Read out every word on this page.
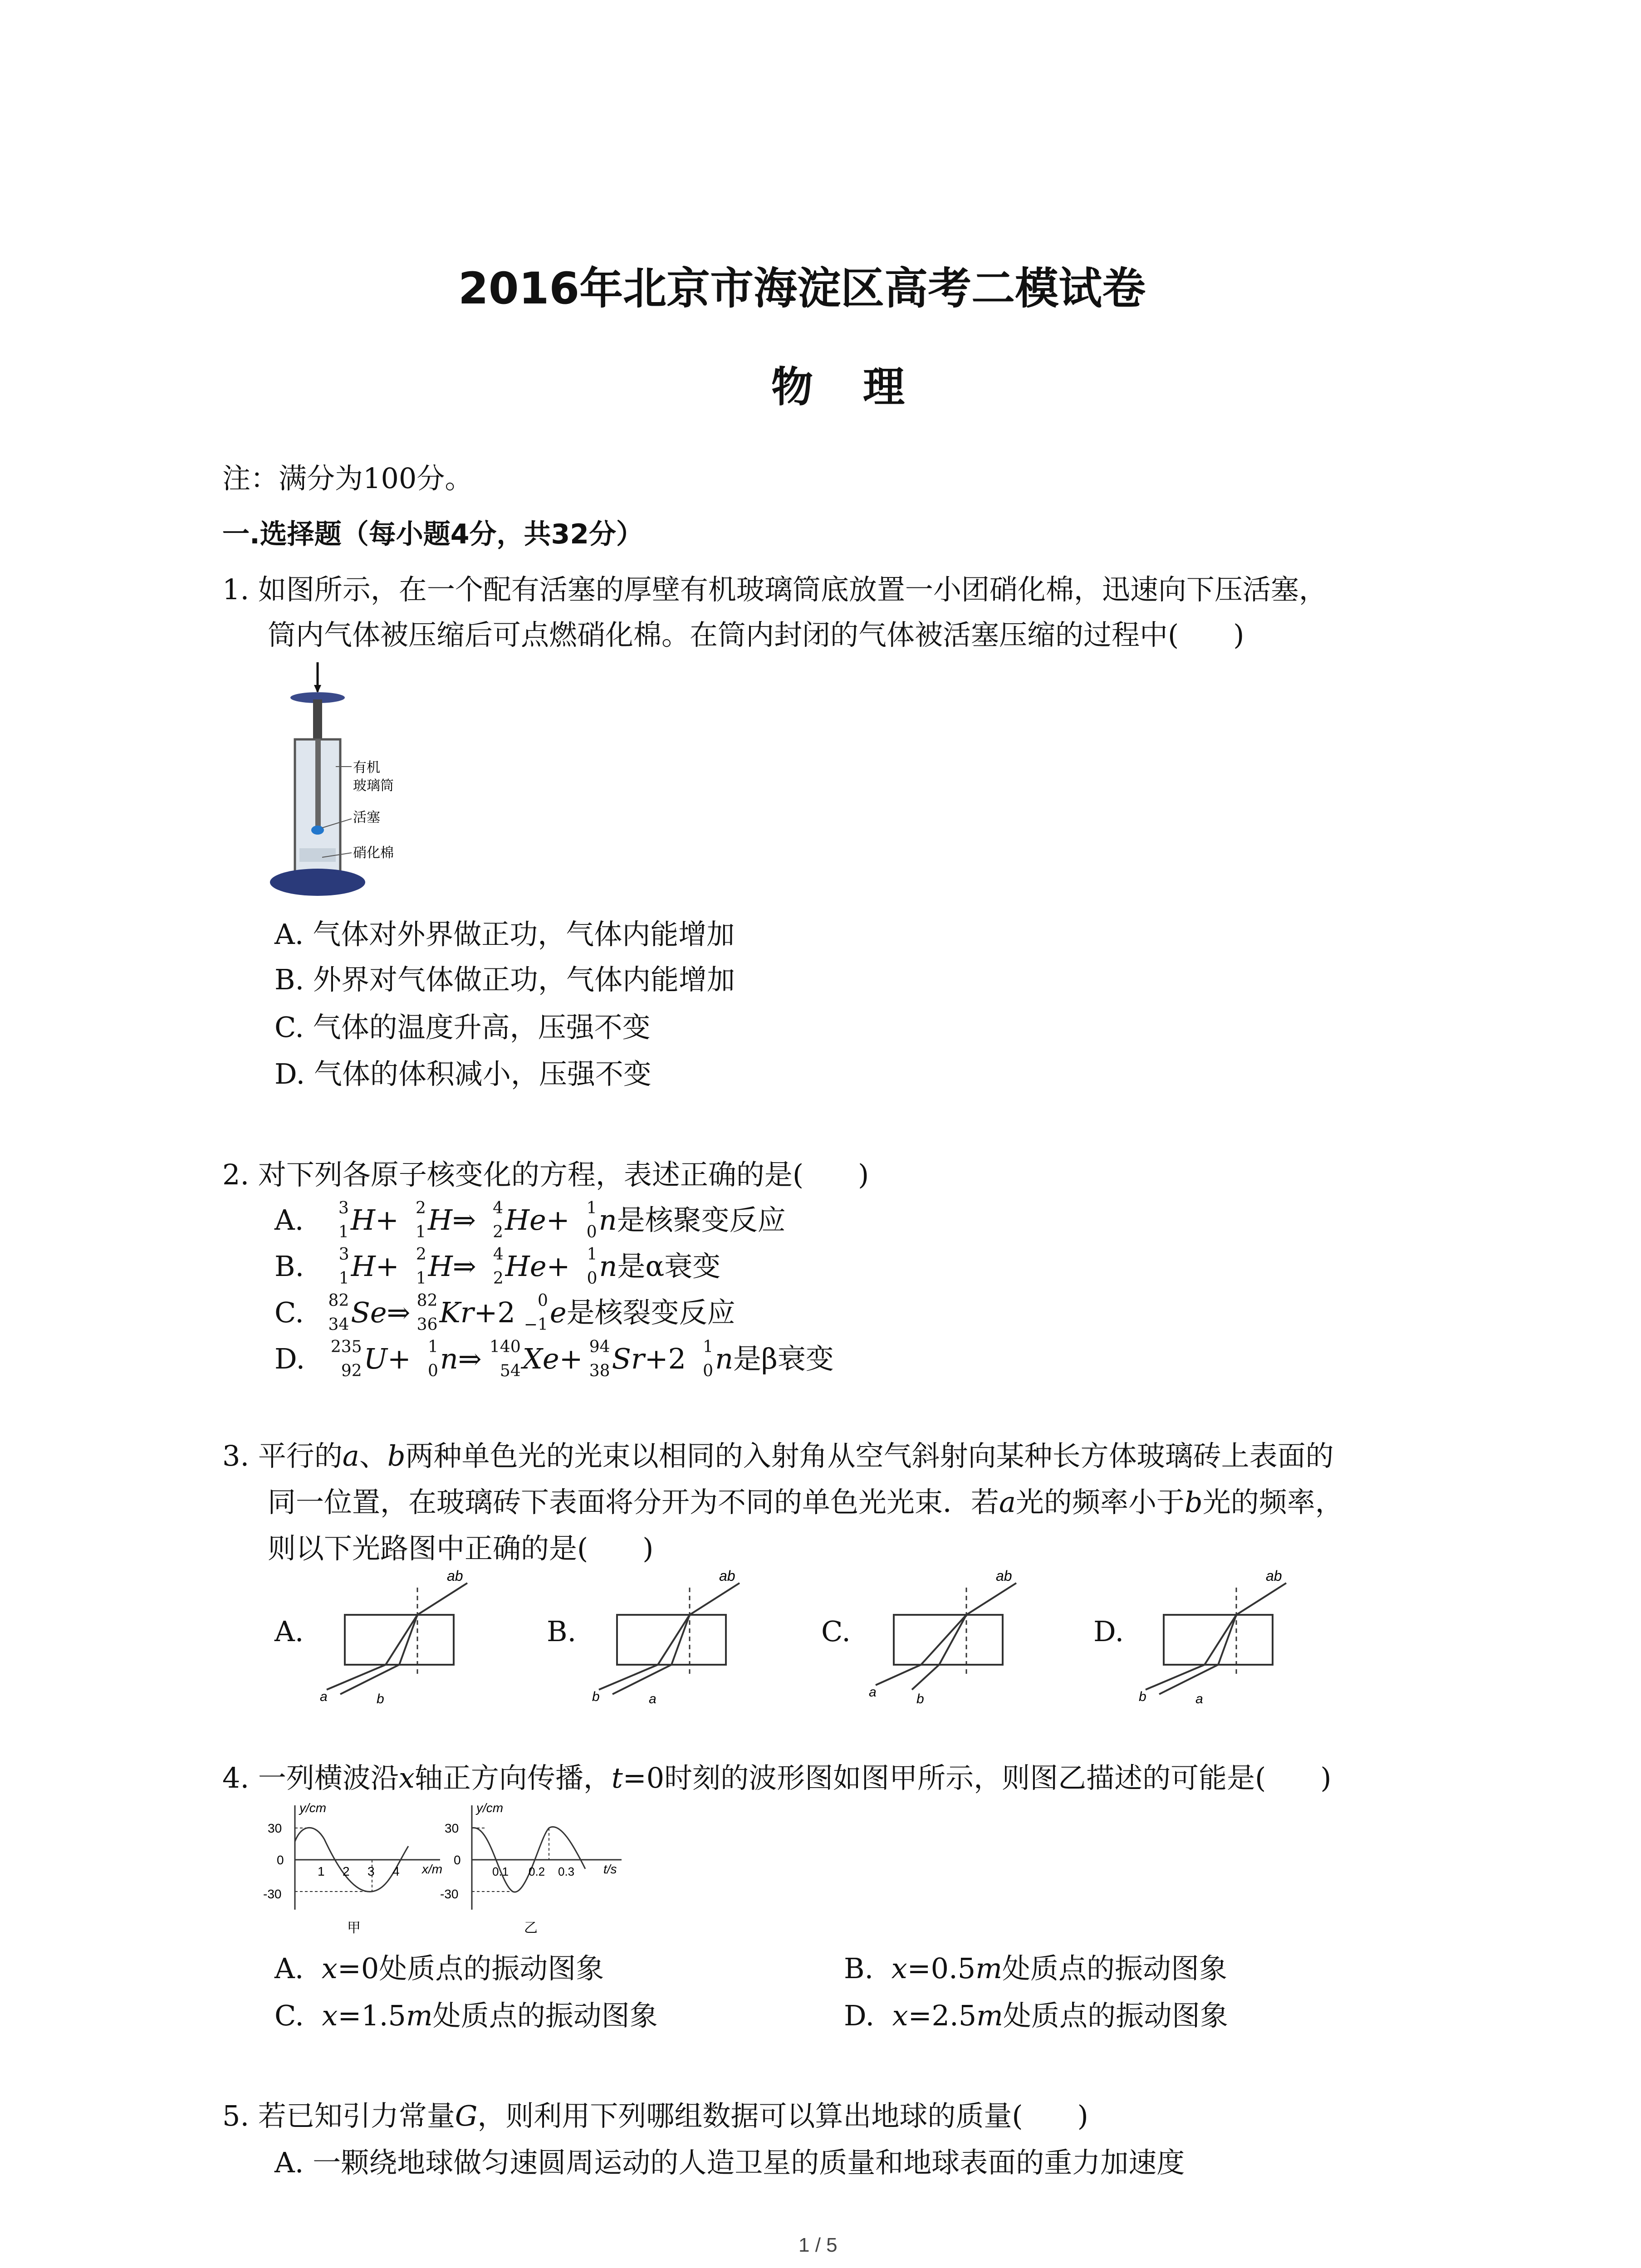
2016年北京市海淀区高考二模试卷
物理
注：满分为100分。
一.选择题（每小题4分，共32分）
1. 如图所示，在一个配有活塞的厚壁有机玻璃筒底放置一小团硝化棉，迅速向下压活塞，
筒内气体被压缩后可点燃硝化棉。在筒内封闭的气体被活塞压缩的过程中( )
有机
玻璃筒
活塞
硝化棉
A. 气体对外界做正功，气体内能增加
B. 外界对气体做正功，气体内能增加
C. 气体的温度升高，压强不变
D. 气体的体积减小，压强不变
2. 对下列各原子核变化的方程，表述正确的是( )
A. 3
1 H+ 2
1 H⇒ 4
2 He+ 1
0 n是核聚变反应
B. 3
1 H+ 2
1 H⇒ 4
2 He+ 1
0 n是α衰变
C. 82
34 Se⇒ 82
36 Kr+2 0
−1 e是核裂变反应
D. 235
92 U+ 1
0 n⇒ 140
54 Xe+ 94
38 Sr+2 1
0 n是β衰变
3. 平行的a、b两种单色光的光束以相同的入射角从空气斜射向某种长方体玻璃砖上表面的
同一位置，在玻璃砖下表面将分开为不同的单色光光束．若a光的频率小于b光的频率，
则以下光路图中正确的是( )
A.
ab
a	b
B.
ab
b	a
C.
ab
a	b
D.
ab
b	a
4. 一列横波沿x轴正方向传播，t=0时刻的波形图如图甲所示，则图乙描述的可能是( )
y/cm
x/m
30
0
-30
1 2 3 4
甲
y/cm
t/s
30
0
-30
0.1 0.2 0.3
乙
A. x=0处质点的振动图象	B. x=0.5m处质点的振动图象
C. x=1.5m处质点的振动图象	D. x=2.5m处质点的振动图象
5. 若已知引力常量G，则利用下列哪组数据可以算出地球的质量( )
A. 一颗绕地球做匀速圆周运动的人造卫星的质量和地球表面的重力加速度
1 / 5
